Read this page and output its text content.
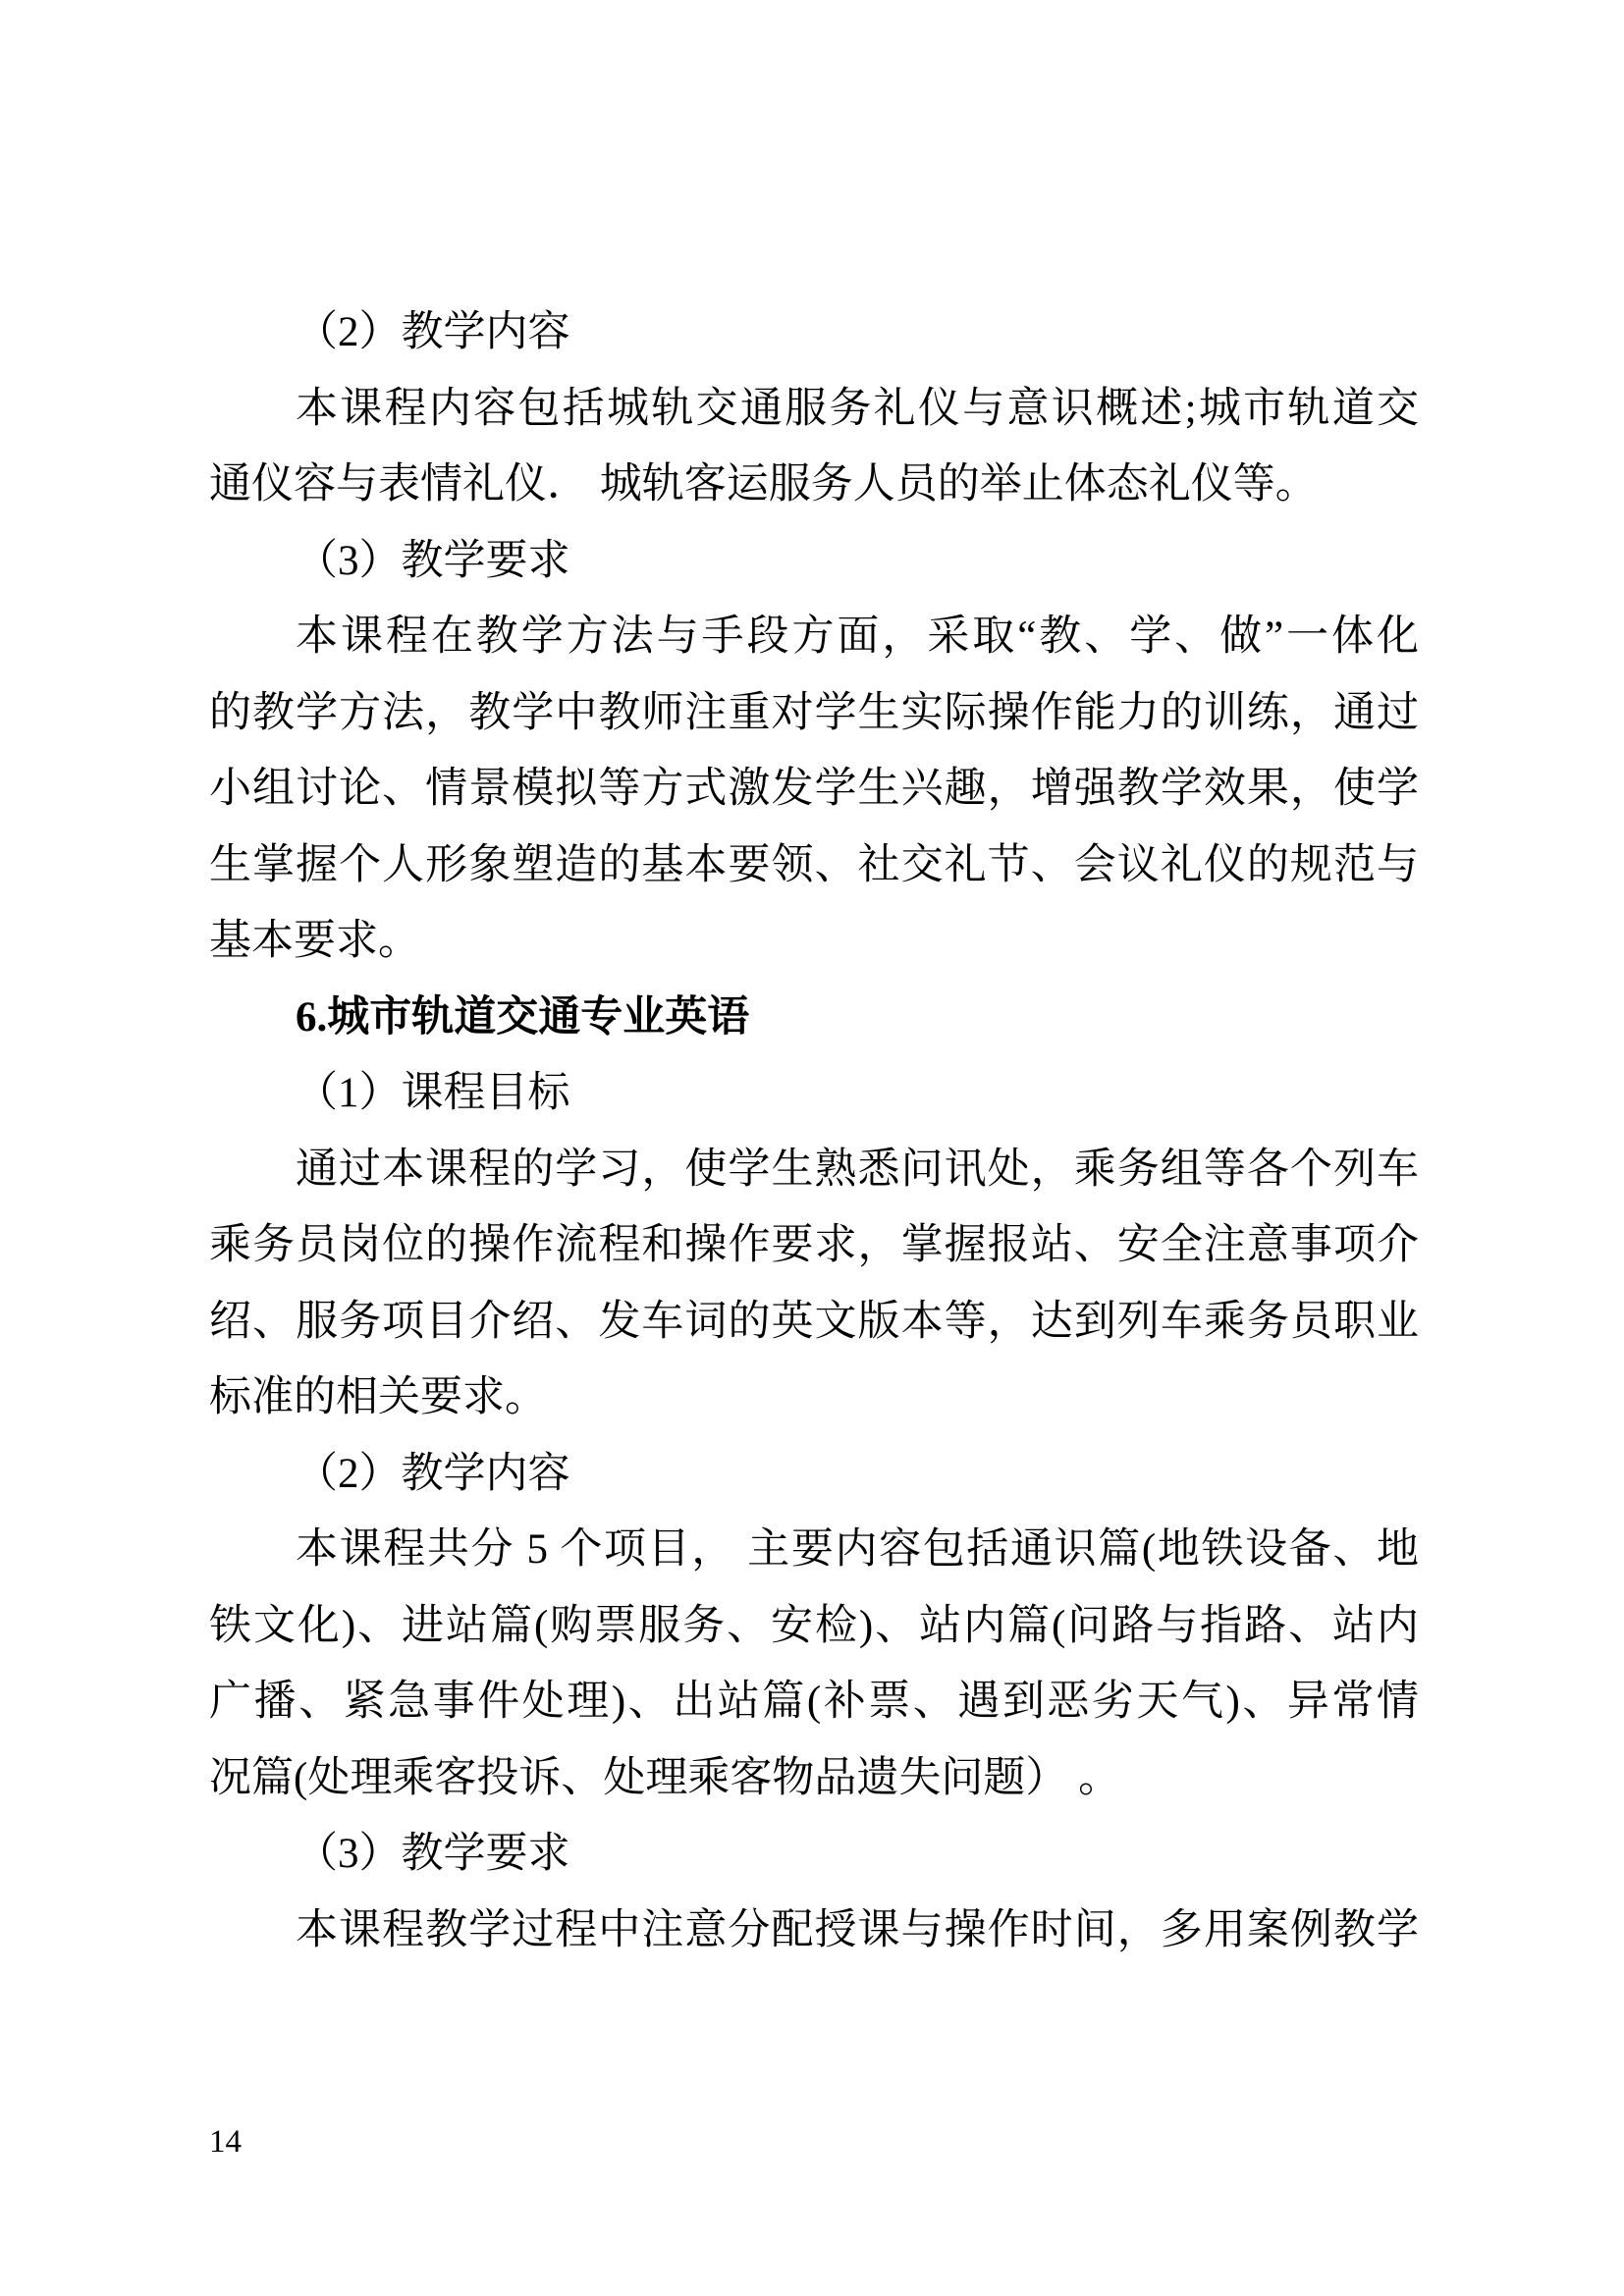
（2）教学内容
本课程内容包括城轨交通服务礼仪与意识概述;城市轨道交
通仪容与表情礼仪． 城轨客运服务人员的举止体态礼仪等。
（3）教学要求
本课程在教学方法与手段方面，采取“教、学、做”一体化
的教学方法，教学中教师注重对学生实际操作能力的训练，通过
小组讨论、情景模拟等方式激发学生兴趣，增强教学效果，使学
生掌握个人形象塑造的基本要领、社交礼节、会议礼仪的规范与
基本要求。
6.城市轨道交通专业英语
（1）课程目标
通过本课程的学习，使学生熟悉问讯处，乘务组等各个列车
乘务员岗位的操作流程和操作要求，掌握报站、安全注意事项介
绍、服务项目介绍、发车词的英文版本等，达到列车乘务员职业
标准的相关要求。
（2）教学内容
本课程共分 5 个项目， 主要内容包括通识篇(地铁设备、地
铁文化)、进站篇(购票服务、安检)、站内篇(问路与指路、站内
广播、紧急事件处理)、出站篇(补票、遇到恶劣天气)、异常情
况篇(处理乘客投诉、处理乘客物品遗失问题） 。
（3）教学要求
本课程教学过程中注意分配授课与操作时间，多用案例教学
14
